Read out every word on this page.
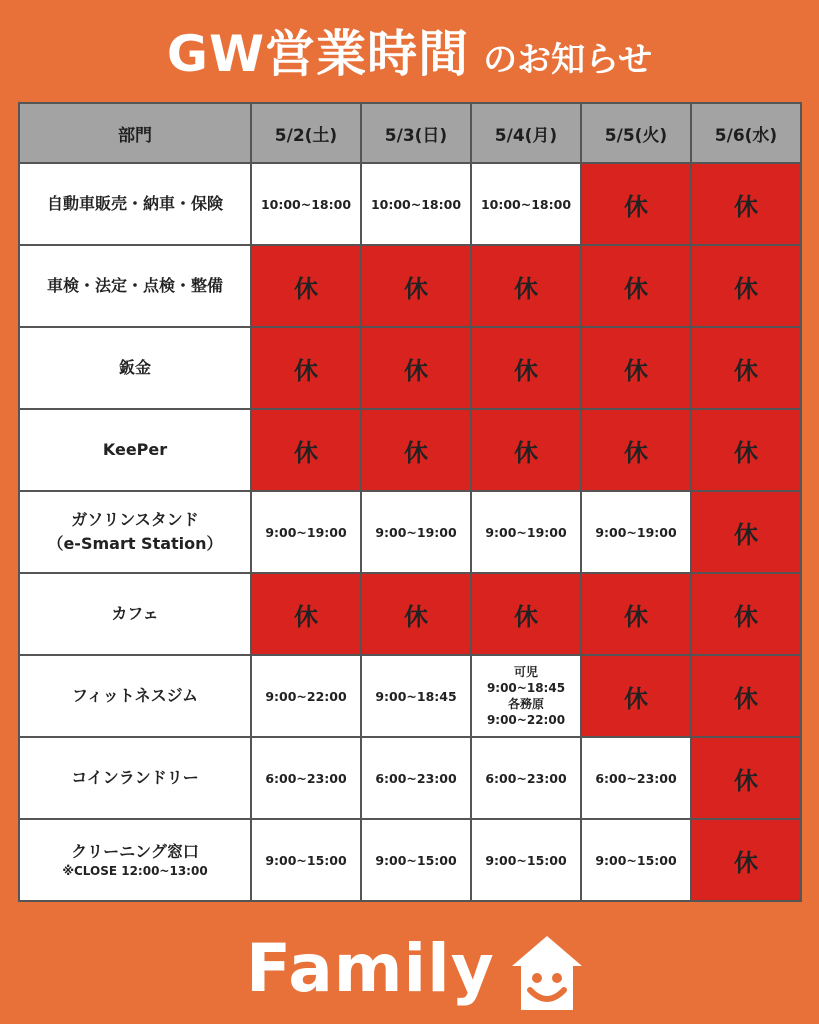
GW営業時間 のお知らせ
部門	5/2(土)	5/3(日)	5/4(月)	5/5(火)	5/6(水)
自動車販売・納車・保険	10:00~18:00	10:00~18:00	10:00~18:00	休	休
車検・法定・点検・整備	休	休	休	休	休
鈑金	休	休	休	休	休
KeePer	休	休	休	休	休
ガソリンスタンド
（e-Smart Station）	9:00~19:00	9:00~19:00	9:00~19:00	9:00~19:00	休
カフェ	休	休	休	休	休
フィットネスジム	9:00~22:00	9:00~18:45	可児
9:00~18:45
各務原
9:00~22:00	休	休
コインランドリー	6:00~23:00	6:00~23:00	6:00~23:00	6:00~23:00	休
クリーニング窓口
※CLOSE 12:00~13:00	9:00~15:00	9:00~15:00	9:00~15:00	9:00~15:00	休
Family
